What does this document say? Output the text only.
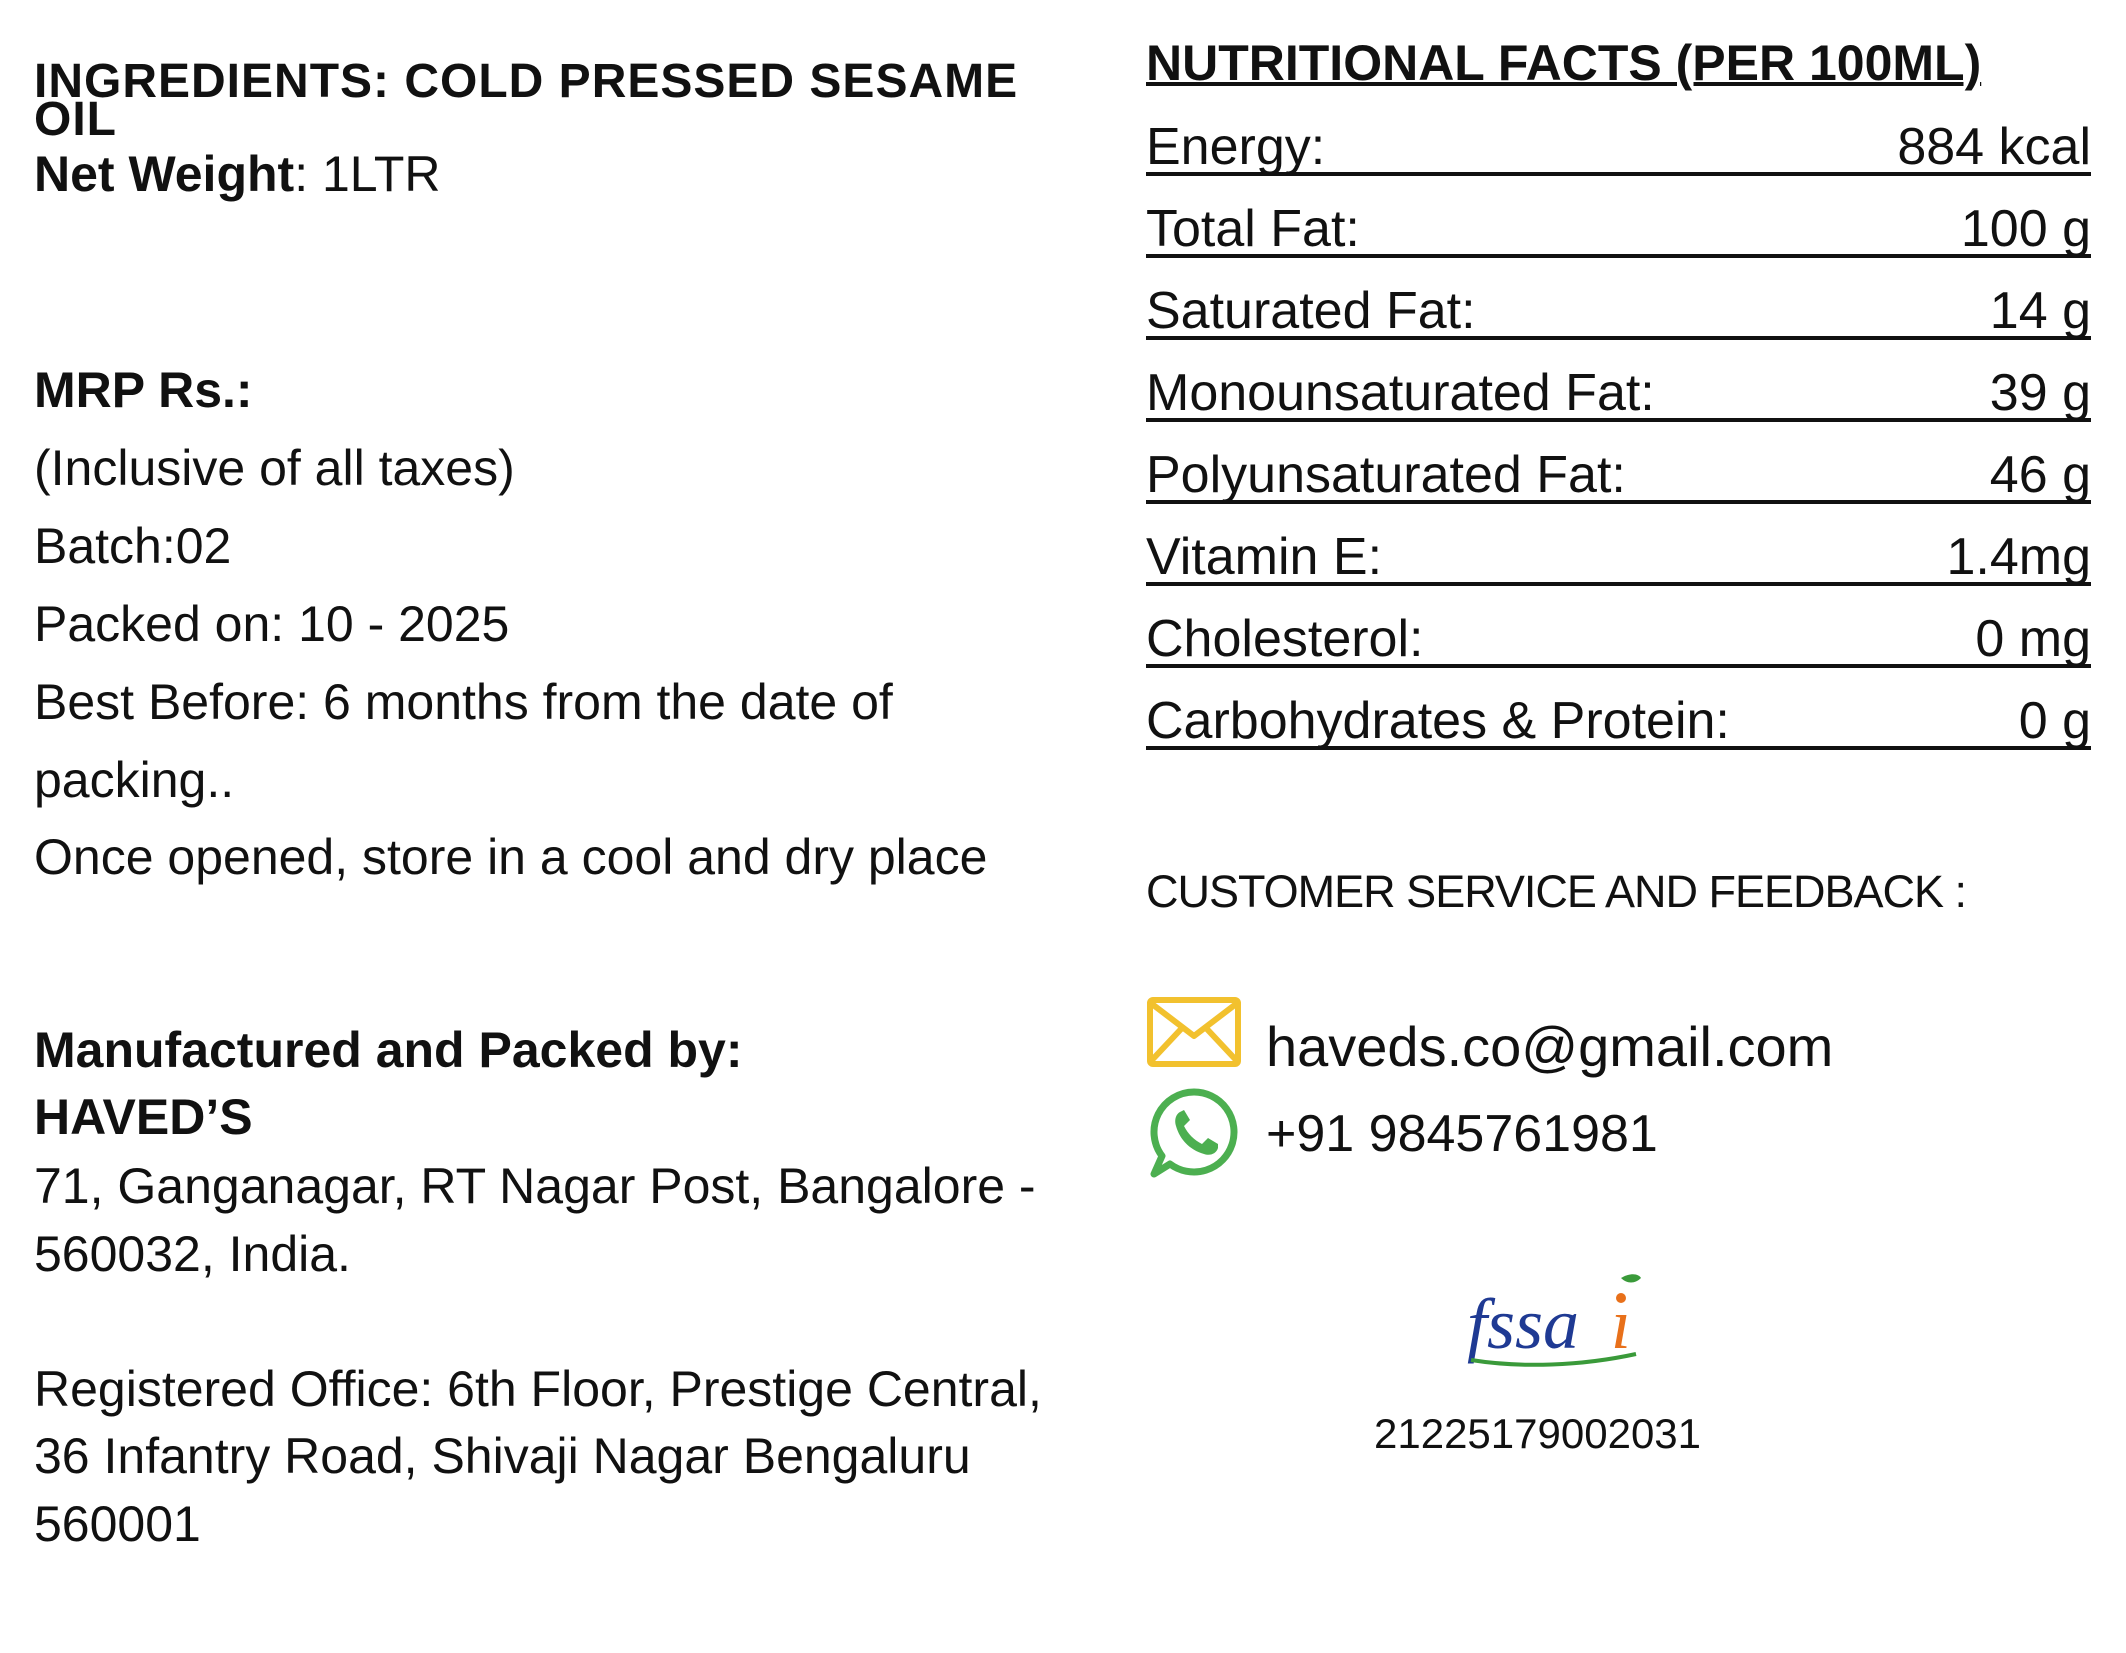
INGREDIENTS: COLD PRESSED SESAME
OIL
Net Weight: 1LTR
MRP Rs.:
(Inclusive of all taxes)
Batch:02
Packed on: 10 - 2025
Best Before: 6 months from the date of
packing..
Once opened, store in a cool and dry place
Manufactured and Packed by:
HAVED’S
71, Ganganagar, RT Nagar Post, Bangalore -
560032, India.
Registered Office: 6th Floor, Prestige Central,
36 Infantry Road, Shivaji Nagar Bengaluru
560001
NUTRITIONAL FACTS (PER 100ML)
Energy:	884 kcal
Total Fat:	100 g
Saturated Fat:	14 g
Monounsaturated Fat:	39 g
Polyunsaturated Fat:	46 g
Vitamin E:	1.4mg
Cholesterol:	0 mg
Carbohydrates & Protein:	0 g
CUSTOMER SERVICE AND FEEDBACK :
haveds.co@gmail.com
+91 9845761981
fssa ı
21225179002031
